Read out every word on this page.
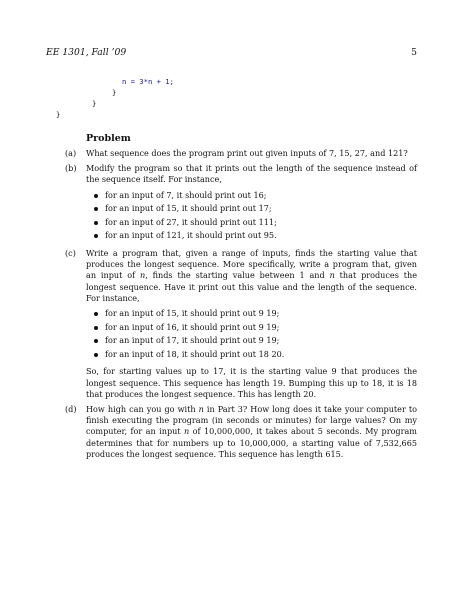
EE 1301, Fall ’09	5
n = 3*n + 1;
}
}
}
Problem
(a) What sequence does the program print out given inputs of 7, 15, 27, and 121?

(b) Modify the program so that it prints out the length of the sequence instead of the sequence itself. For instance,

for an input of 7, it should print out 16;
for an input of 15, it should print out 17;
for an input of 27, it should print out 111;
for an input of 121, it should print out 95.
(c) Write a program that, given a range of inputs, finds the starting value that produces the longest sequence. More specifically, write a program that, given an input of n, finds the starting value between 1 and n that produces the longest sequence. Have it print out this value and the length of the sequence. For instance,

for an input of 15, it should print out 9 19;
for an input of 16, it should print out 9 19;
for an input of 17, it should print out 9 19;
for an input of 18, it should print out 18 20.

So, for starting values up to 17, it is the starting value 9 that produces the longest sequence. This sequence has length 19. Bumping this up to 18, it is 18 that produces the longest sequence. This has length 20.

(d) How high can you go with n in Part 3? How long does it take your computer to finish executing the program (in seconds or minutes) for large values? On my computer, for an input n of 10,000,000, it takes about 5 seconds. My program determines that for numbers up to 10,000,000, a starting value of 7,532,665 produces the longest sequence. This sequence has length 615.
